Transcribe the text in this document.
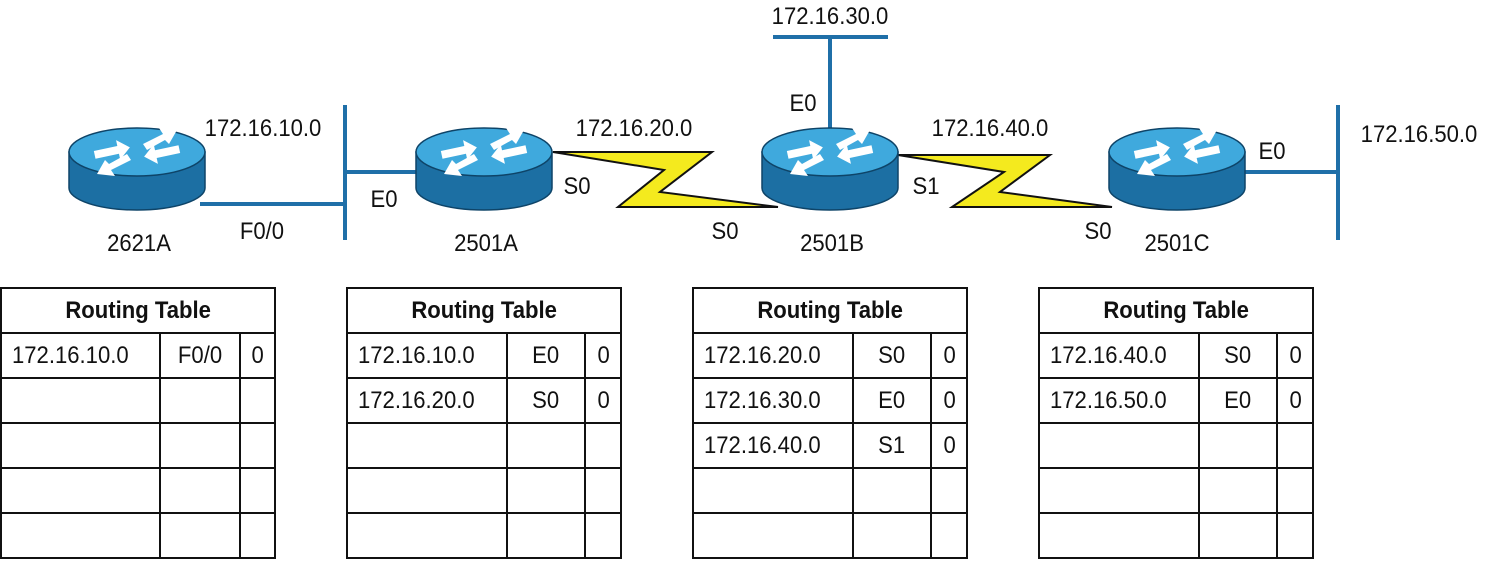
2621A	2501A	2501B	2501C
172.16.10.0	172.16.20.0
172.16.30.0
172.16.40.0	172.16.50.0
F0/0
E0	S0
S0
E0
S1
S0
E0
Routing Table		
172.16.10.0	F0/0	0

Routing Table		
172.16.10.0	E0	0
172.16.20.0	S0	0

Routing Table		
172.16.20.0	S0	0
172.16.30.0	E0	0
172.16.40.0	S1	0

Routing Table		
172.16.40.0	S0	0
172.16.50.0	E0	0
